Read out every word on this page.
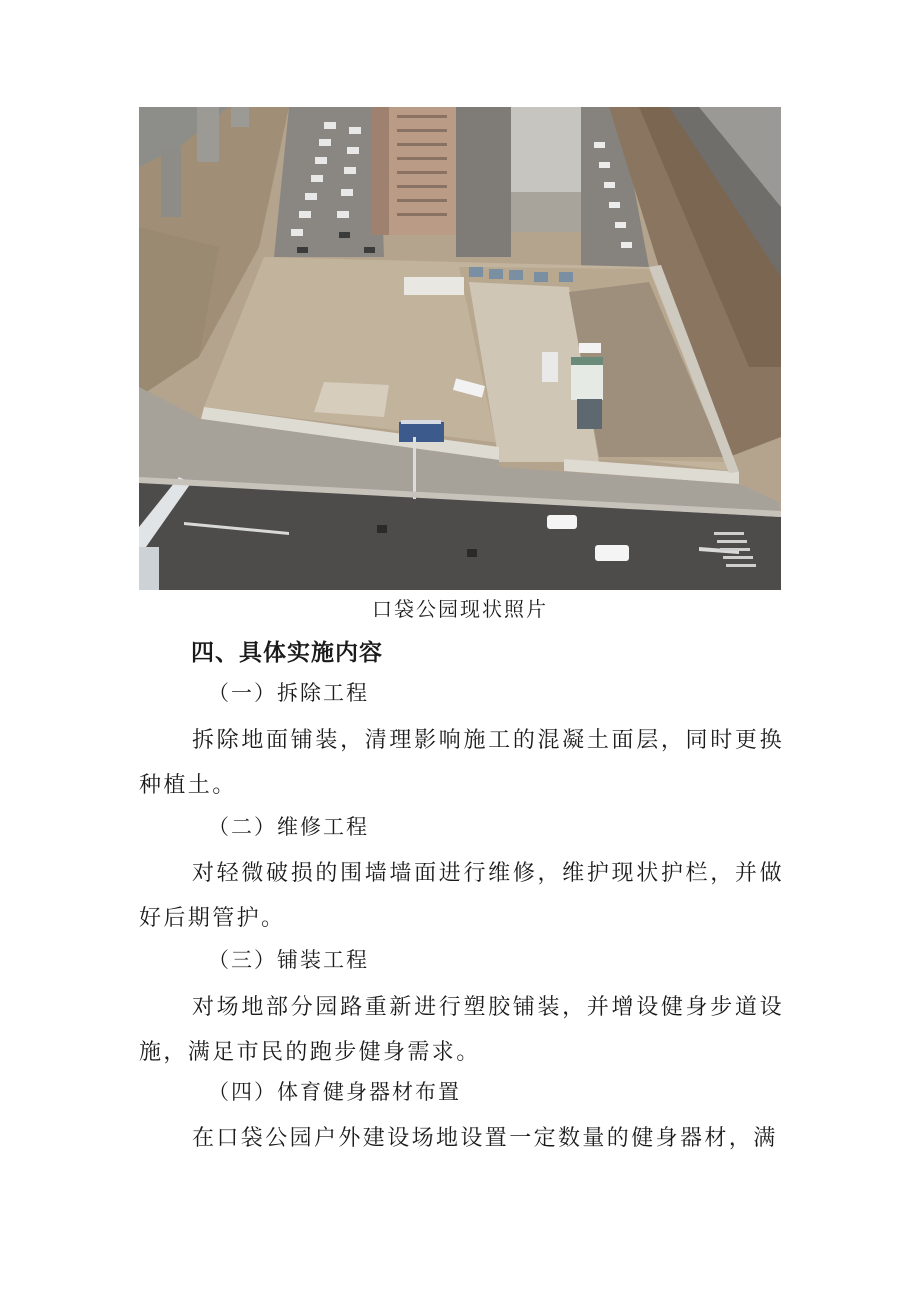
口袋公园现状照片
四、具体实施内容
（一）拆除工程

拆除地面铺装，清理影响施工的混凝土面层，同时更换种植土。

（二）维修工程

对轻微破损的围墙墙面进行维修，维护现状护栏，并做好后期管护。

（三）铺装工程

对场地部分园路重新进行塑胶铺装，并增设健身步道设施，满足市民的跑步健身需求。

（四）体育健身器材布置

在口袋公园户外建设场地设置一定数量的健身器材，满
